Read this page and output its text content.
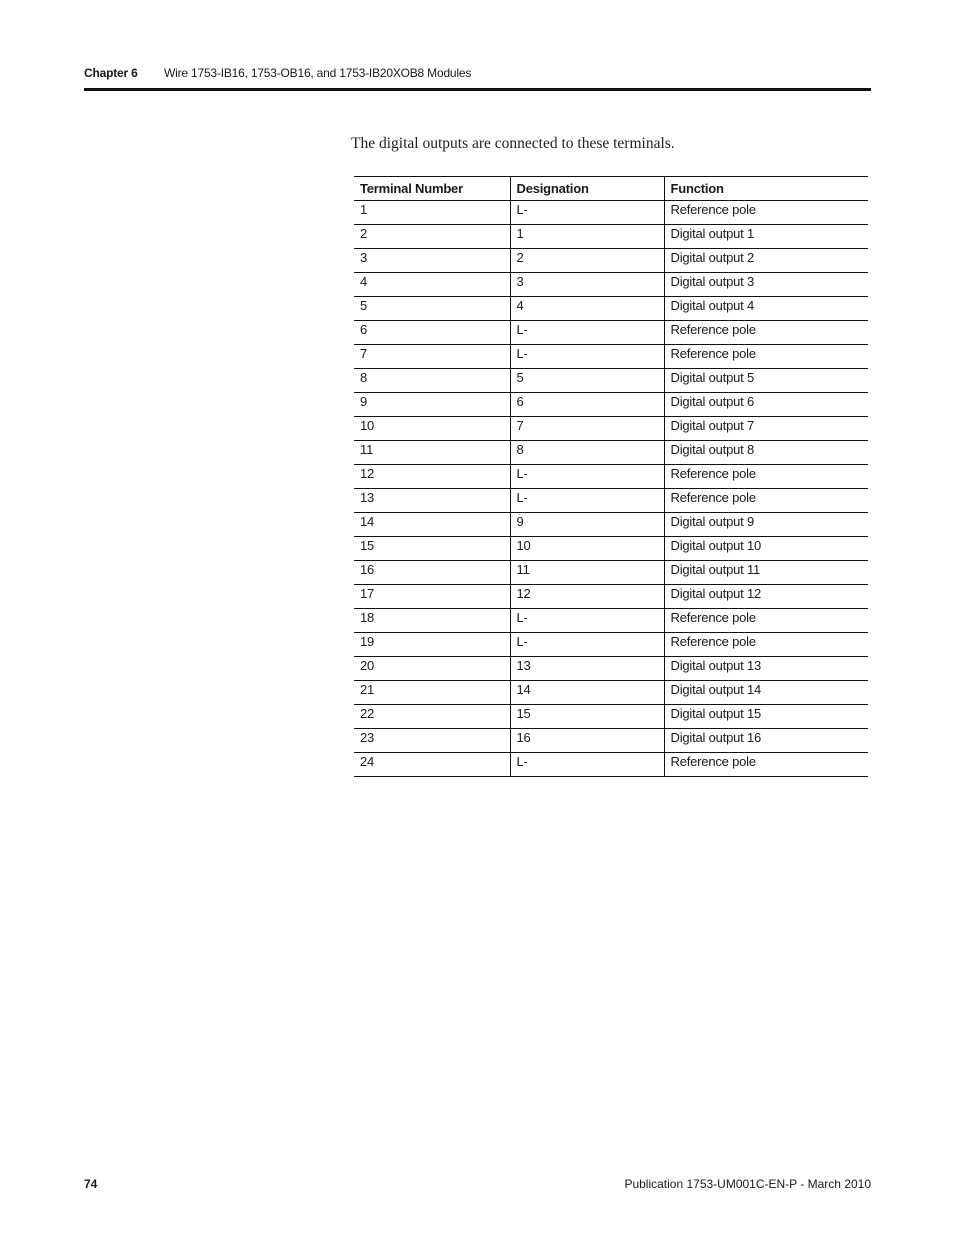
Chapter 6 Wire 1753-IB16, 1753-OB16, and 1753-IB20XOB8 Modules
The digital outputs are connected to these terminals.
Terminal Number	Designation	Function
1	L-	Reference pole
2	1	Digital output 1
3	2	Digital output 2
4	3	Digital output 3
5	4	Digital output 4
6	L-	Reference pole
7	L-	Reference pole
8	5	Digital output 5
9	6	Digital output 6
10	7	Digital output 7
11	8	Digital output 8
12	L-	Reference pole
13	L-	Reference pole
14	9	Digital output 9
15	10	Digital output 10
16	11	Digital output 11
17	12	Digital output 12
18	L-	Reference pole
19	L-	Reference pole
20	13	Digital output 13
21	14	Digital output 14
22	15	Digital output 15
23	16	Digital output 16
24	L-	Reference pole
74	Publication 1753-UM001C-EN-P - March 2010
